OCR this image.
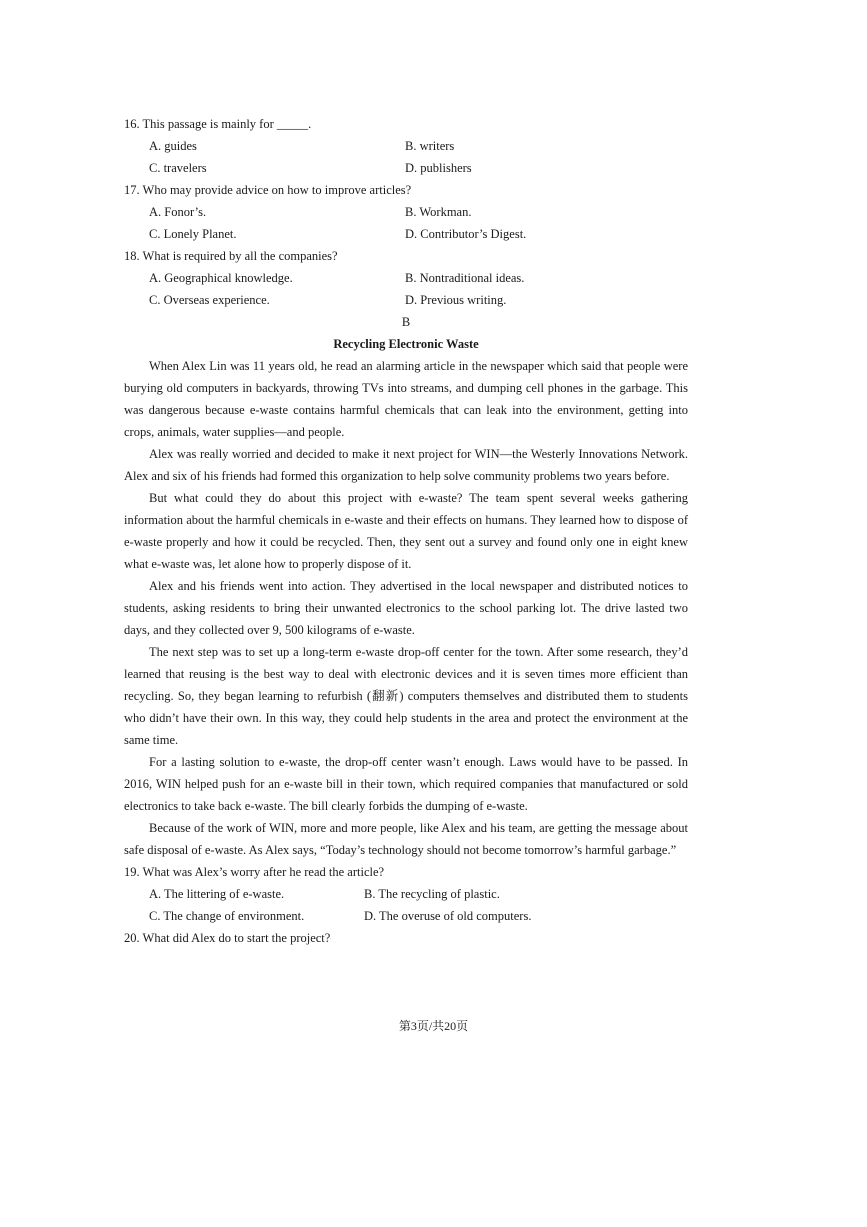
16. This passage is mainly for _____.
A. guides	B. writers
C. travelers	D. publishers
17. Who may provide advice on how to improve articles?
A. Fonor’s.	B. Workman.
C. Lonely Planet.	D. Contributor’s Digest.
18. What is required by all the companies?
A. Geographical knowledge.	B. Nontraditional ideas.
C. Overseas experience.	D. Previous writing.
B
Recycling Electronic Waste

When Alex Lin was 11 years old, he read an alarming article in the newspaper which said that people were burying old computers in backyards, throwing TVs into streams, and dumping cell phones in the garbage. This was dangerous because e-waste contains harmful chemicals that can leak into the environment, getting into crops, animals, water supplies—and people.

Alex was really worried and decided to make it next project for WIN—the Westerly Innovations Network. Alex and six of his friends had formed this organization to help solve community problems two years before.

But what could they do about this project with e-waste? The team spent several weeks gathering information about the harmful chemicals in e-waste and their effects on humans. They learned how to dispose of e-waste properly and how it could be recycled. Then, they sent out a survey and found only one in eight knew what e-waste was, let alone how to properly dispose of it.

Alex and his friends went into action. They advertised in the local newspaper and distributed notices to students, asking residents to bring their unwanted electronics to the school parking lot. The drive lasted two days, and they collected over 9, 500 kilograms of e-waste.

The next step was to set up a long-term e-waste drop-off center for the town. After some research, they’d learned that reusing is the best way to deal with electronic devices and it is seven times more efficient than recycling. So, they began learning to refurbish (翻新) computers themselves and distributed them to students who didn’t have their own. In this way, they could help students in the area and protect the environment at the same time.

For a lasting solution to e-waste, the drop-off center wasn’t enough. Laws would have to be passed. In 2016, WIN helped push for an e-waste bill in their town, which required companies that manufactured or sold electronics to take back e-waste. The bill clearly forbids the dumping of e-waste.

Because of the work of WIN, more and more people, like Alex and his team, are getting the message about safe disposal of e-waste. As Alex says, “Today’s technology should not become tomorrow’s harmful garbage.”

19. What was Alex’s worry after he read the article?
A. The littering of e-waste.	B. The recycling of plastic.
C. The change of environment.	D. The overuse of old computers.
20. What did Alex do to start the project?
第3页/共20页
